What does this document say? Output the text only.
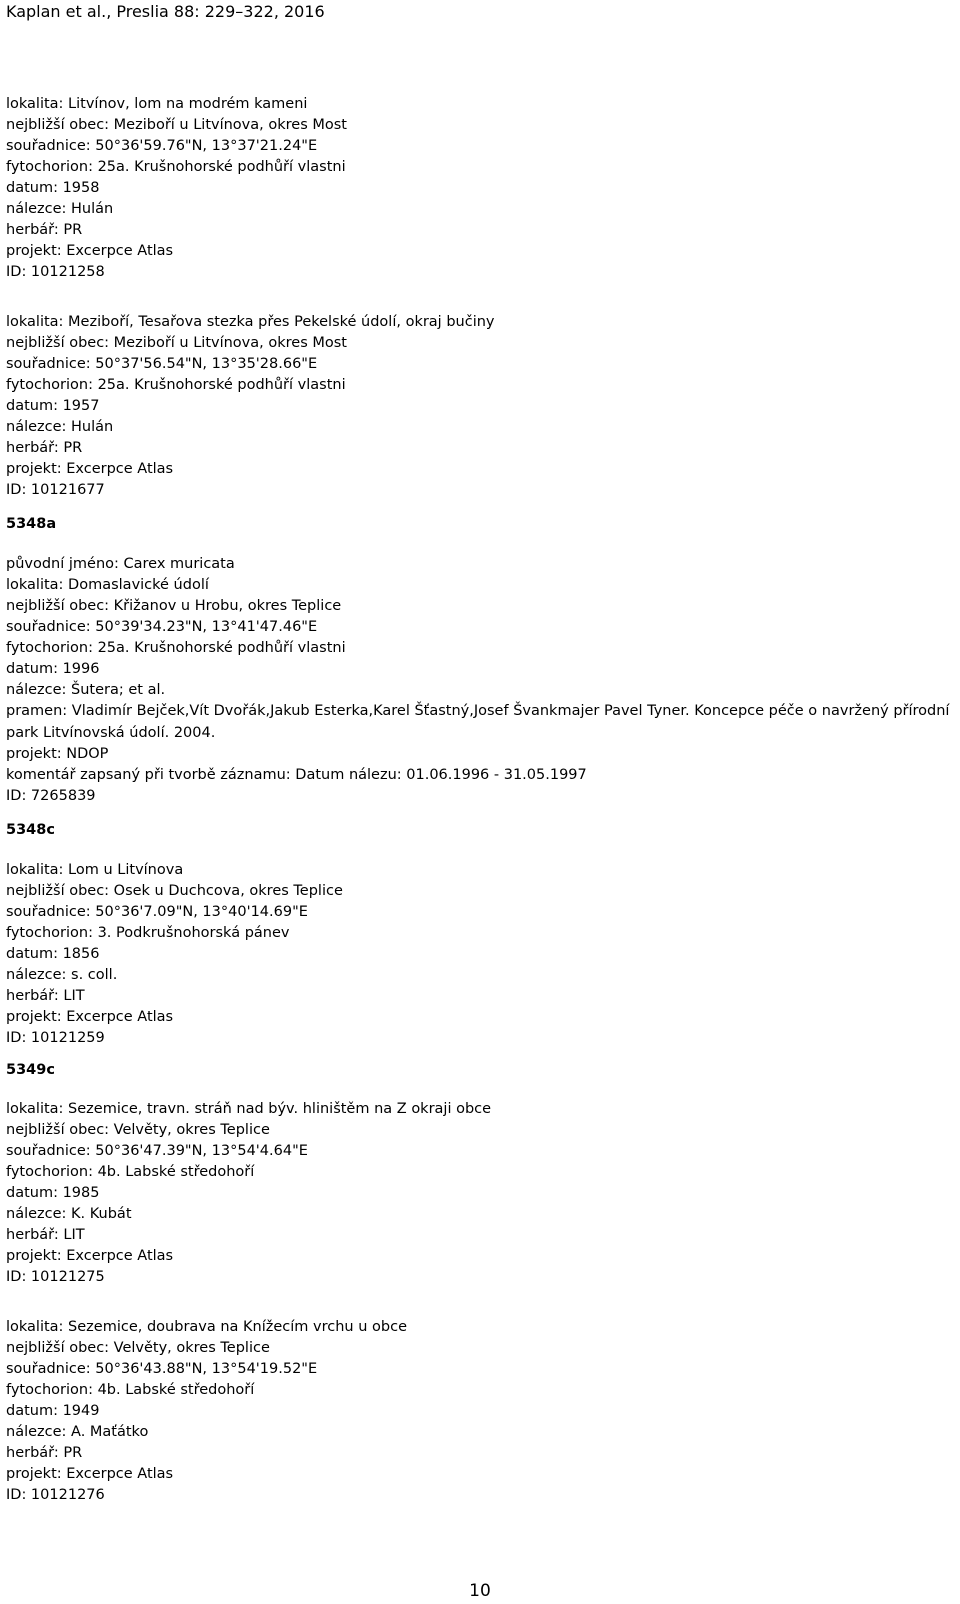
Kaplan et al., Preslia 88: 229–322, 2016
lokalita: Litvínov, lom na modrém kameni
nejbližší obec: Meziboří u Litvínova, okres Most
souřadnice: 50°36'59.76"N, 13°37'21.24"E
fytochorion: 25a. Krušnohorské podhůří vlastni
datum: 1958
nálezce: Hulán
herbář: PR
projekt: Excerpce Atlas
ID: 10121258
lokalita: Meziboří, Tesařova stezka přes Pekelské údolí, okraj bučiny
nejbližší obec: Meziboří u Litvínova, okres Most
souřadnice: 50°37'56.54"N, 13°35'28.66"E
fytochorion: 25a. Krušnohorské podhůří vlastni
datum: 1957
nálezce: Hulán
herbář: PR
projekt: Excerpce Atlas
ID: 10121677
5348a
původní jméno: Carex muricata
lokalita: Domaslavické údolí
nejbližší obec: Křižanov u Hrobu, okres Teplice
souřadnice: 50°39'34.23"N, 13°41'47.46"E
fytochorion: 25a. Krušnohorské podhůří vlastni
datum: 1996
nálezce: Šutera; et al.
pramen: Vladimír Bejček,Vít Dvořák,Jakub Esterka,Karel Šťastný,Josef Švankmajer Pavel Tyner. Koncepce péče o navržený přírodní park Litvínovská údolí. 2004.
projekt: NDOP
komentář zapsaný při tvorbě záznamu: Datum nálezu: 01.06.1996 - 31.05.1997
ID: 7265839
5348c
lokalita: Lom u Litvínova
nejbližší obec: Osek u Duchcova, okres Teplice
souřadnice: 50°36'7.09"N, 13°40'14.69"E
fytochorion: 3. Podkrušnohorská pánev
datum: 1856
nálezce: s. coll.
herbář: LIT
projekt: Excerpce Atlas
ID: 10121259
5349c
lokalita: Sezemice, travn. stráň nad býv. hliništěm na Z okraji obce
nejbližší obec: Velvěty, okres Teplice
souřadnice: 50°36'47.39"N, 13°54'4.64"E
fytochorion: 4b. Labské středohoří
datum: 1985
nálezce: K. Kubát
herbář: LIT
projekt: Excerpce Atlas
ID: 10121275
lokalita: Sezemice, doubrava na Knížecím vrchu u obce
nejbližší obec: Velvěty, okres Teplice
souřadnice: 50°36'43.88"N, 13°54'19.52"E
fytochorion: 4b. Labské středohoří
datum: 1949
nálezce: A. Maťátko
herbář: PR
projekt: Excerpce Atlas
ID: 10121276
10
